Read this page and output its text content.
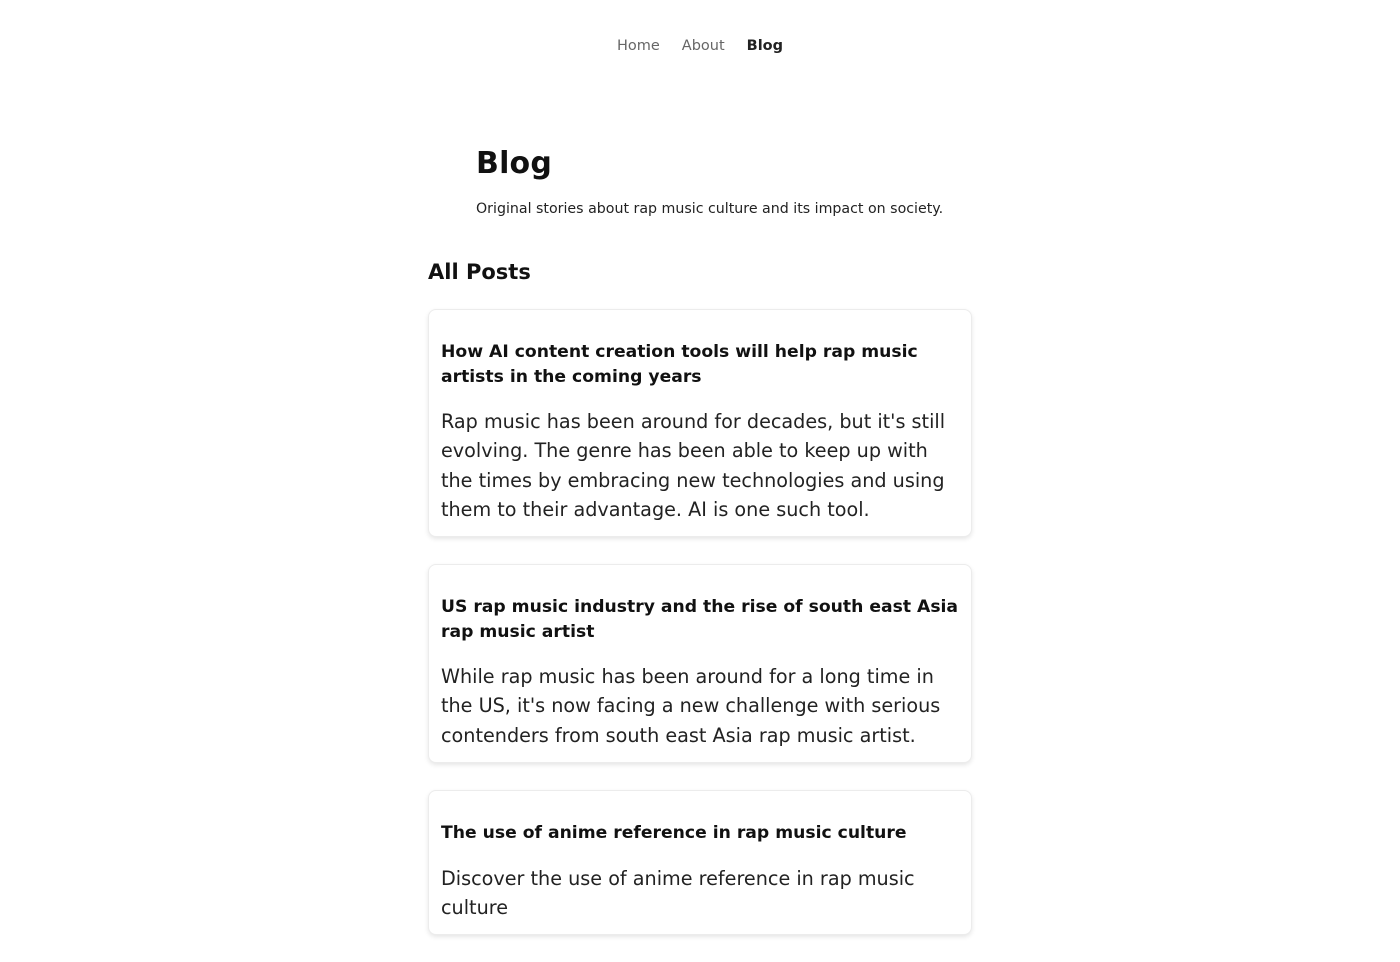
Home About Blog
Blog

Original stories about rap music culture and its impact on society.

All Posts
How AI content creation tools will help rap music artists in the coming years

Rap music has been around for decades, but it's still evolving. The genre has been able to keep up with the times by embracing new technologies and using them to their advantage. AI is one such tool.

US rap music industry and the rise of south east Asia rap music artist

While rap music has been around for a long time in the US, it's now facing a new challenge with serious contenders from south east Asia rap music artist.

The use of anime reference in rap music culture

Discover the use of anime reference in rap music culture
